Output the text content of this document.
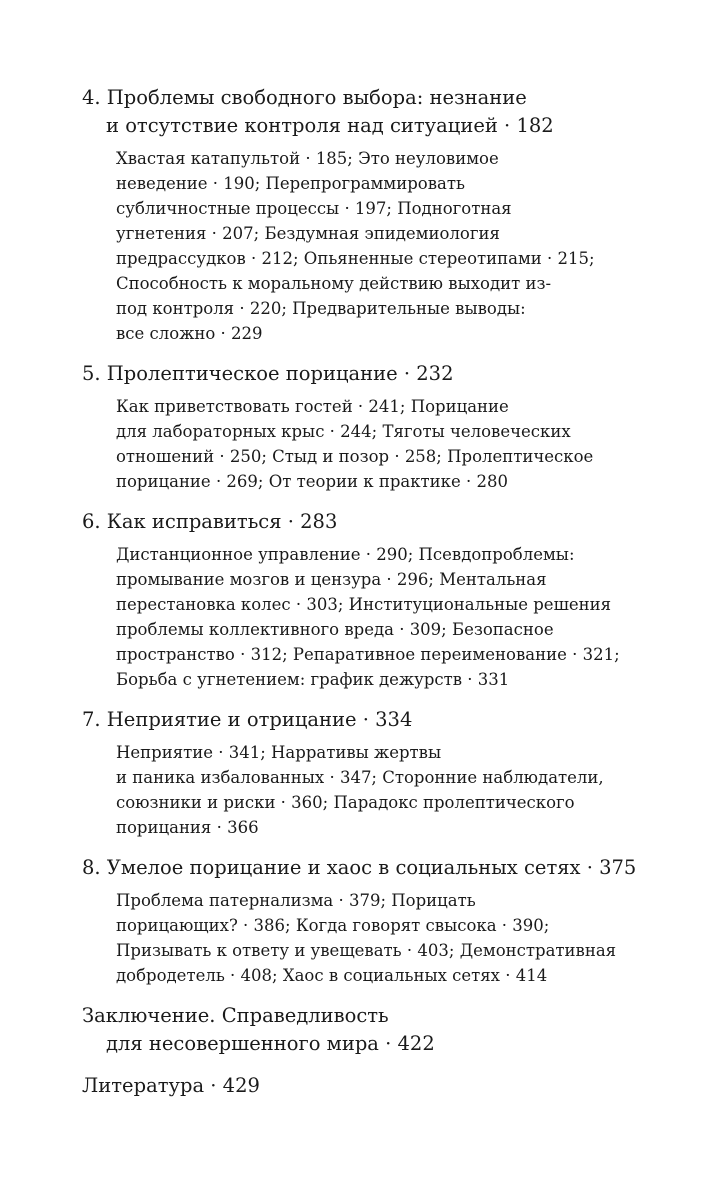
4. Проблемы свободного выбора: незнание
и отсутствие контроля над ситуацией · 182
Хвастая катапультой · 185; Это неуловимое
неведение · 190; Перепрограммировать
субличностные процессы · 197; Подноготная
угнетения · 207; Бездумная эпидемиология
предрассудков · 212; Опьяненные стереотипами · 215;
Способность к моральному действию выходит из-
под контроля · 220; Предварительные выводы:
все сложно · 229
5. Пролептическое порицание · 232
Как приветствовать гостей · 241; Порицание
для лабораторных крыс · 244; Тяготы человеческих
отношений · 250; Стыд и позор · 258; Пролептическое
порицание · 269; От теории к практике · 280
6. Как исправиться · 283
Дистанционное управление · 290; Псевдопроблемы:
промывание мозгов и цензура · 296; Ментальная
перестановка колес · 303; Институциональные решения
проблемы коллективного вреда · 309; Безопасное
пространство · 312; Репаративное переименование · 321;
Борьба с угнетением: график дежурств · 331
7. Неприятие и отрицание · 334
Неприятие · 341; Нарративы жертвы
и паника избалованных · 347; Сторонние наблюдатели,
союзники и риски · 360; Парадокс пролептического
порицания · 366
8. Умелое порицание и хаос в социальных сетях · 375
Проблема патернализма · 379; Порицать
порицающих? · 386; Когда говорят свысока · 390;
Призывать к ответу и увещевать · 403; Демонстративная
добродетель · 408; Хаос в социальных сетях · 414
Заключение. Справедливость
для несовершенного мира · 422
Литература · 429
